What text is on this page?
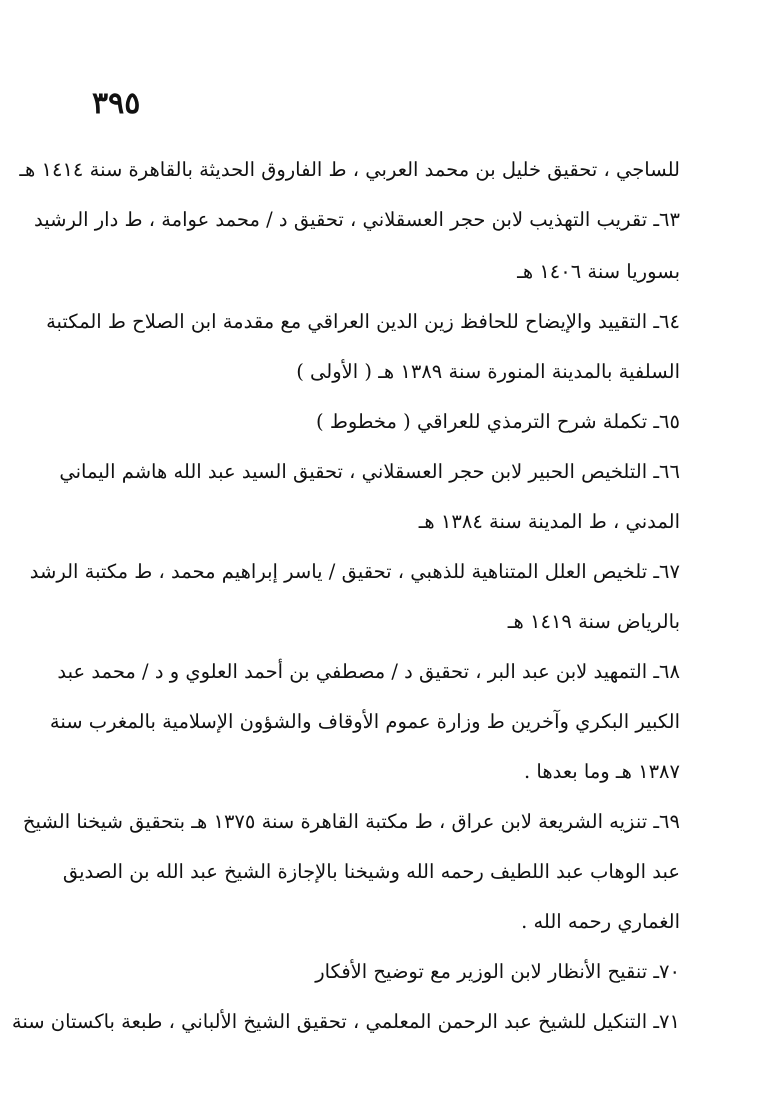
٣٩٥
للساجي ، تحقيق خليل بن محمد العربي ، ط الفاروق الحديثة بالقاهرة سنة ١٤١٤ هـ
٦٣ـ تقريب التهذيب لابن حجر العسقلاني ، تحقيق د / محمد عوامة ، ط دار الرشيد
بسوريا سنة ١٤٠٦ هـ
٦٤ـ التقييد والإيضاح للحافظ زين الدين العراقي مع مقدمة ابن الصلاح ط المكتبة
السلفية بالمدينة المنورة سنة ١٣٨٩ هـ ( الأولى )
٦٥ـ تكملة شرح الترمذي للعراقي ( مخطوط )
٦٦ـ التلخيص الحبير لابن حجر العسقلاني ، تحقيق السيد عبد الله هاشم اليماني
المدني ، ط المدينة سنة ١٣٨٤ هـ
٦٧ـ تلخيص العلل المتناهية للذهبي ، تحقيق / ياسر إبراهيم محمد ، ط مكتبة الرشد
بالرياض سنة ١٤١٩ هـ
٦٨ـ التمهيد لابن عبد البر ، تحقيق د / مصطفي بن أحمد العلوي و د / محمد عبد
الكبير البكري وآخرين ط وزارة عموم الأوقاف والشؤون الإسلامية بالمغرب سنة
١٣٨٧ هـ وما بعدها .
٦٩ـ تنزيه الشريعة لابن عراق ، ط مكتبة القاهرة سنة ١٣٧٥ هـ بتحقيق شيخنا الشيخ
عبد الوهاب عبد اللطيف رحمه الله وشيخنا بالإجازة الشيخ عبد الله بن الصديق
الغماري رحمه الله .
٧٠ـ تنقيح الأنظار لابن الوزير مع توضيح الأفكار
٧١ـ التنكيل للشيخ عبد الرحمن المعلمي ، تحقيق الشيخ الألباني ، طبعة باكستان سنة
